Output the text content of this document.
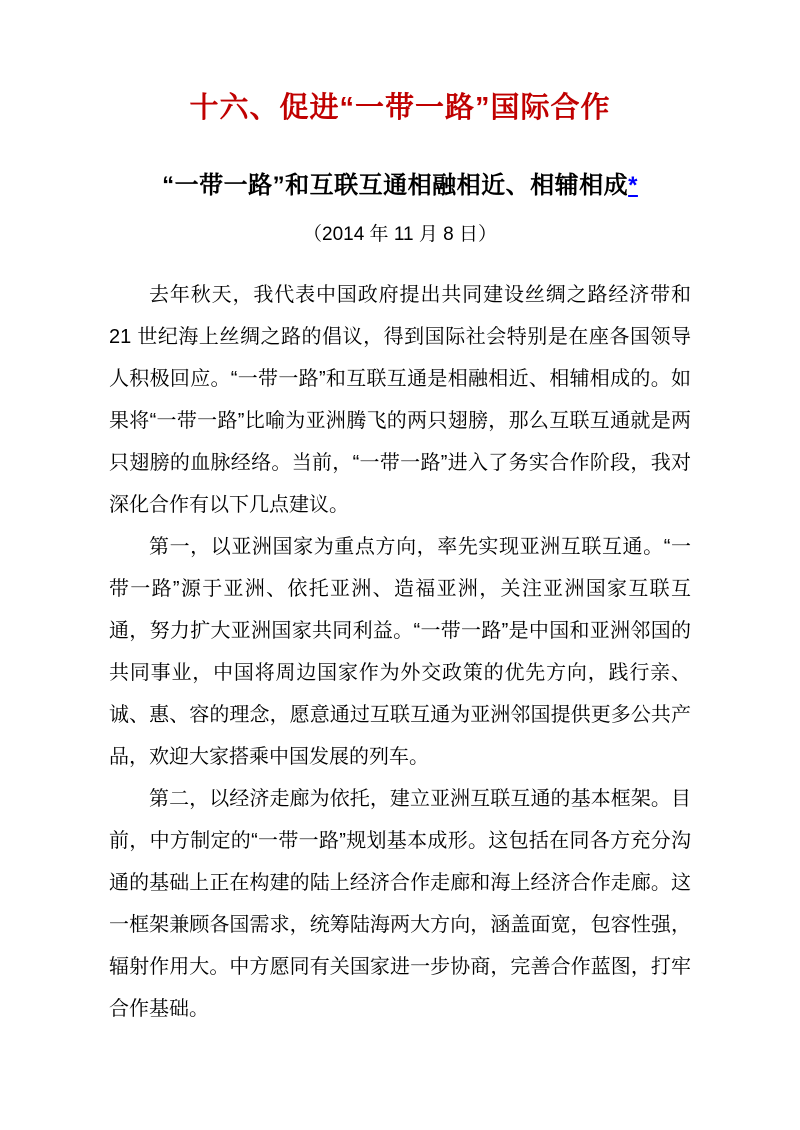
十六、促进“一带一路”国际合作
“一带一路”和互联互通相融相近、相辅相成*
（2014 年 11 月 8 日）

去年秋天，我代表中国政府提出共同建设丝绸之路经济带和 21 世纪海上丝绸之路的倡议，得到国际社会特别是在座各国领导人积极回应。“一带一路”和互联互通是相融相近、相辅相成的。如果将“一带一路”比喻为亚洲腾飞的两只翅膀，那么互联互通就是两只翅膀的血脉经络。当前，“一带一路”进入了务实合作阶段，我对深化合作有以下几点建议。

第一，以亚洲国家为重点方向，率先实现亚洲互联互通。“一带一路”源于亚洲、依托亚洲、造福亚洲，关注亚洲国家互联互通，努力扩大亚洲国家共同利益。“一带一路”是中国和亚洲邻国的共同事业，中国将周边国家作为外交政策的优先方向，践行亲、诚、惠、容的理念，愿意通过互联互通为亚洲邻国提供更多公共产品，欢迎大家搭乘中国发展的列车。

第二，以经济走廊为依托，建立亚洲互联互通的基本框架。目前，中方制定的“一带一路”规划基本成形。这包括在同各方充分沟通的基础上正在构建的陆上经济合作走廊和海上经济合作走廊。这一框架兼顾各国需求，统筹陆海两大方向，涵盖面宽，包容性强，辐射作用大。中方愿同有关国家进一步协商，完善合作蓝图，打牢合作基础。
